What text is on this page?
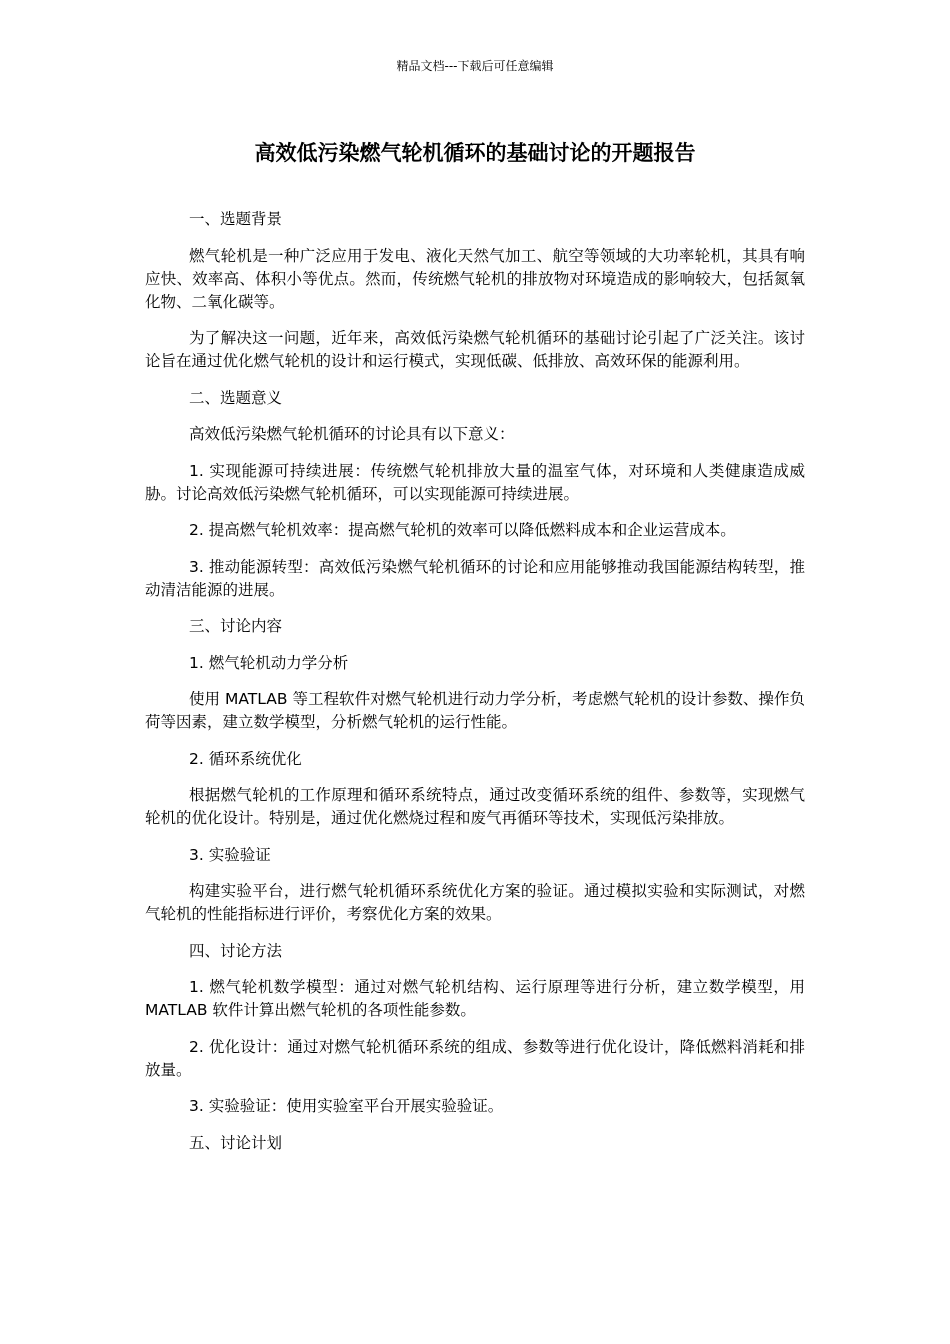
精品文档---下载后可任意编辑
高效低污染燃气轮机循环的基础讨论的开题报告

一、选题背景

燃气轮机是一种广泛应用于发电、液化天然气加工、航空等领域的大功率轮机，其具有响应快、效率高、体积小等优点。然而，传统燃气轮机的排放物对环境造成的影响较大，包括氮氧化物、二氧化碳等。

为了解决这一问题，近年来，高效低污染燃气轮机循环的基础讨论引起了广泛关注。该讨论旨在通过优化燃气轮机的设计和运行模式，实现低碳、低排放、高效环保的能源利用。

二、选题意义

高效低污染燃气轮机循环的讨论具有以下意义：

1. 实现能源可持续进展：传统燃气轮机排放大量的温室气体，对环境和人类健康造成威胁。讨论高效低污染燃气轮机循环，可以实现能源可持续进展。

2. 提高燃气轮机效率：提高燃气轮机的效率可以降低燃料成本和企业运营成本。

3. 推动能源转型：高效低污染燃气轮机循环的讨论和应用能够推动我国能源结构转型，推动清洁能源的进展。

三、讨论内容

1. 燃气轮机动力学分析

使用 MATLAB 等工程软件对燃气轮机进行动力学分析，考虑燃气轮机的设计参数、操作负荷等因素，建立数学模型，分析燃气轮机的运行性能。

2. 循环系统优化

根据燃气轮机的工作原理和循环系统特点，通过改变循环系统的组件、参数等，实现燃气轮机的优化设计。特别是，通过优化燃烧过程和废气再循环等技术，实现低污染排放。

3. 实验验证

构建实验平台，进行燃气轮机循环系统优化方案的验证。通过模拟实验和实际测试，对燃气轮机的性能指标进行评价，考察优化方案的效果。

四、讨论方法

1. 燃气轮机数学模型：通过对燃气轮机结构、运行原理等进行分析，建立数学模型，用 MATLAB 软件计算出燃气轮机的各项性能参数。

2. 优化设计：通过对燃气轮机循环系统的组成、参数等进行优化设计，降低燃料消耗和排放量。

3. 实验验证：使用实验室平台开展实验验证。

五、讨论计划
